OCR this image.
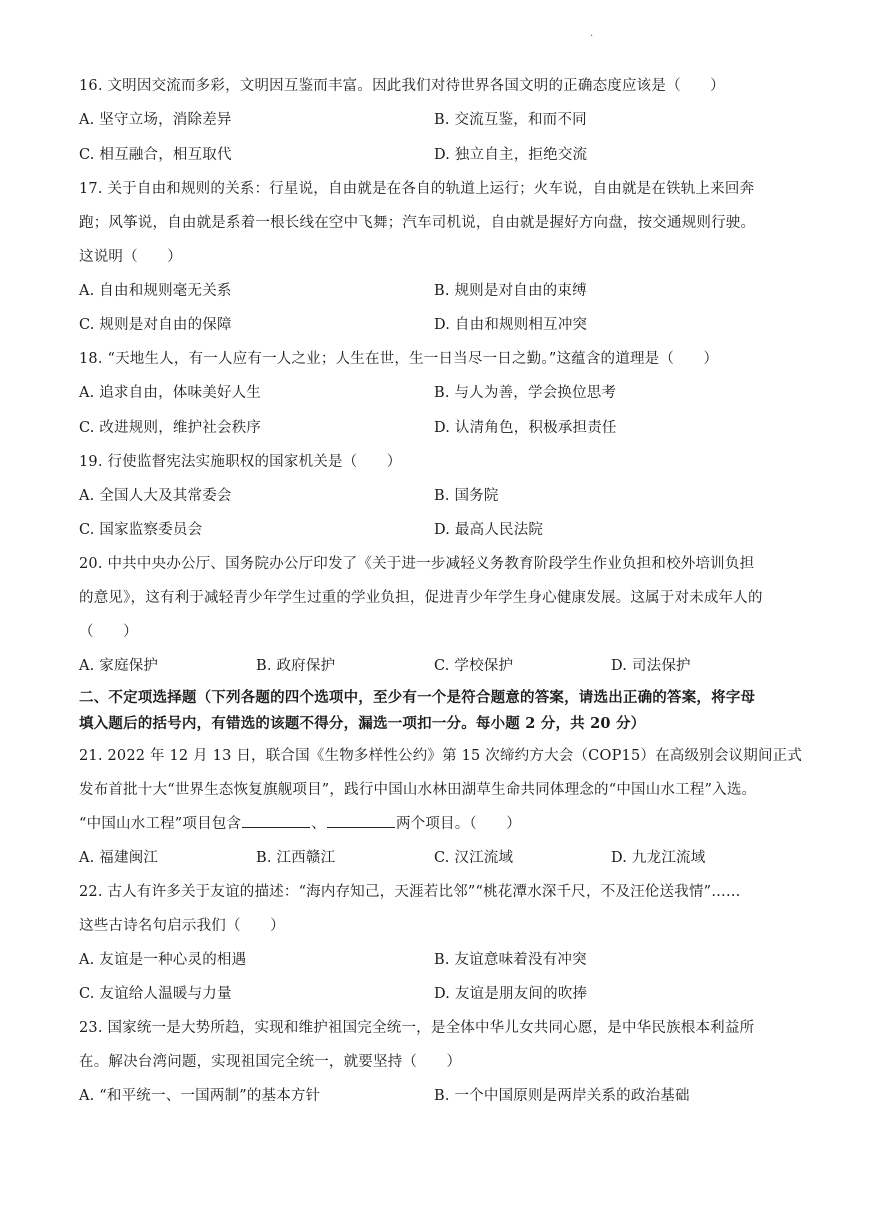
.
16. 文明因交流而多彩，文明因互鉴而丰富。因此我们对待世界各国文明的正确态度应该是（　　）
A. 坚守立场，消除差异	B. 交流互鉴，和而不同
C. 相互融合，相互取代	D. 独立自主，拒绝交流
17. 关于自由和规则的关系：行星说，自由就是在各自的轨道上运行；火车说，自由就是在铁轨上来回奔
跑；风筝说，自由就是系着一根长线在空中飞舞；汽车司机说，自由就是握好方向盘，按交通规则行驶。
这说明（　　）
A. 自由和规则毫无关系	B. 规则是对自由的束缚
C. 规则是对自由的保障	D. 自由和规则相互冲突
18. “天地生人，有一人应有一人之业；人生在世，生一日当尽一日之勤。”这蕴含的道理是（　　）
A. 追求自由，体味美好人生	B. 与人为善，学会换位思考
C. 改进规则，维护社会秩序	D. 认清角色，积极承担责任
19. 行使监督宪法实施职权的国家机关是（　　）
A. 全国人大及其常委会	B. 国务院
C. 国家监察委员会	D. 最高人民法院
20. 中共中央办公厅、国务院办公厅印发了《关于进一步减轻义务教育阶段学生作业负担和校外培训负担
的意见》，这有利于减轻青少年学生过重的学业负担，促进青少年学生身心健康发展。这属于对未成年人的
（　　）
A. 家庭保护	B. 政府保护	C. 学校保护	D. 司法保护
二、不定项选择题（下列各题的四个选项中，至少有一个是符合题意的答案，请选出正确的答案，将字母
填入题后的括号内，有错选的该题不得分，漏选一项扣一分。每小题 2 分，共 20 分）
21. 2022 年 12 月 13 日，联合国《生物多样性公约》第 15 次缔约方大会（COP15）在高级别会议期间正式
发布首批十大“世界生态恢复旗舰项目”，践行中国山水林田湖草生命共同体理念的“中国山水工程”入选。
“中国山水工程”项目包含	、	两个项目。（　　）
A. 福建闽江	B. 江西赣江	C. 汉江流域	D. 九龙江流域
22. 古人有许多关于友谊的描述：“海内存知己，天涯若比邻”“桃花潭水深千尺，不及汪伦送我情”……
这些古诗名句启示我们（　　）
A. 友谊是一种心灵的相遇	B. 友谊意味着没有冲突
C. 友谊给人温暖与力量	D. 友谊是朋友间的吹捧
23. 国家统一是大势所趋，实现和维护祖国完全统一，是全体中华儿女共同心愿，是中华民族根本利益所
在。解决台湾问题，实现祖国完全统一，就要坚持（　　）
A. “和平统一、一国两制”的基本方针	B. 一个中国原则是两岸关系的政治基础
